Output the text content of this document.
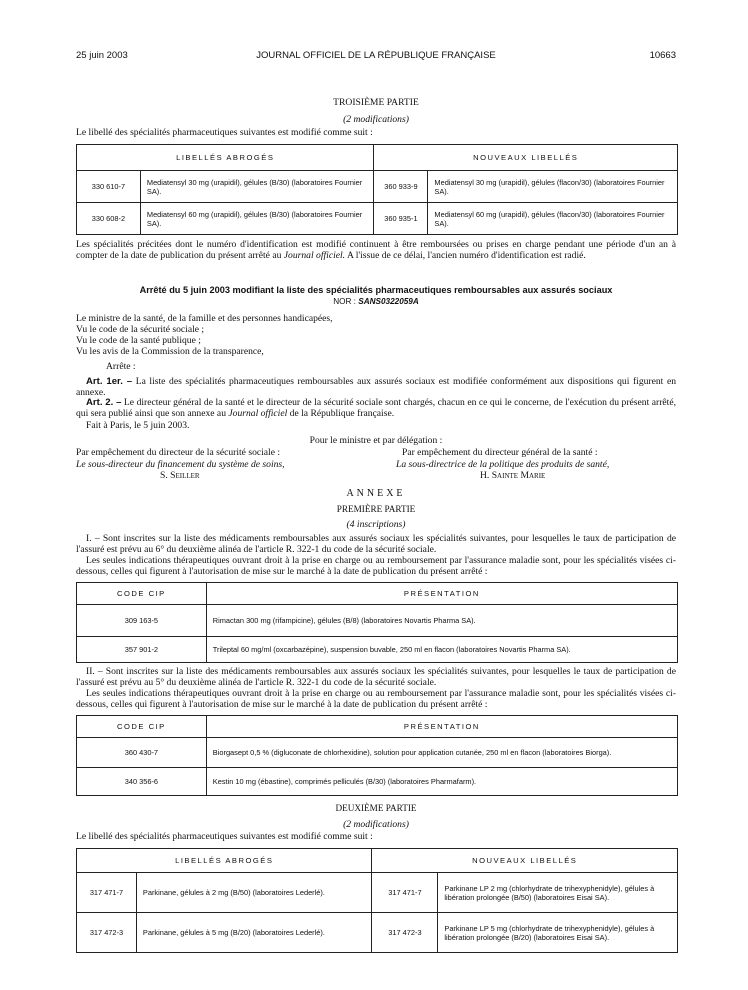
25 juin 2003	JOURNAL OFFICIEL DE LA RÉPUBLIQUE FRANÇAISE	10663
TROISIÈME PARTIE
(2 modifications)
Le libellé des spécialités pharmaceutiques suivantes est modifié comme suit :
LIBELLÉS ABROGÉS		NOUVEAUX LIBELLÉS	
330 610-7	Mediatensyl 30 mg (urapidil), gélules (B/30) (laboratoires Fournier SA).	360 933-9	Mediatensyl 30 mg (urapidil), gélules (flacon/30) (laboratoires Fournier SA).
330 608-2	Mediatensyl 60 mg (urapidil), gélules (B/30) (laboratoires Fournier SA).	360 935-1	Mediatensyl 60 mg (urapidil), gélules (flacon/30) (laboratoires Fournier SA).
Les spécialités précitées dont le numéro d'identification est modifié continuent à être remboursées ou prises en charge pendant une période d'un an à compter de la date de publication du présent arrêté au Journal officiel. A l'issue de ce délai, l'ancien numéro d'identification est radié.
Arrêté du 5 juin 2003 modifiant la liste des spécialités pharmaceutiques remboursables aux assurés sociaux
NOR : SANS0322059A
Le ministre de la santé, de la famille et des personnes handicapées,
Vu le code de la sécurité sociale ;
Vu le code de la santé publique ;
Vu les avis de la Commission de la transparence,
Arrête :
Art. 1er. – La liste des spécialités pharmaceutiques remboursables aux assurés sociaux est modifiée conformément aux dispositions qui figurent en annexe.
Art. 2. – Le directeur général de la santé et le directeur de la sécurité sociale sont chargés, chacun en ce qui le concerne, de l'exécution du présent arrêté, qui sera publié ainsi que son annexe au Journal officiel de la République française.
Fait à Paris, le 5 juin 2003.
Pour le ministre et par délégation :
Par empêchement du directeur de la sécurité sociale :
Le sous-directeur du financement du système de soins,
S. Seiller
Par empêchement du directeur général de la santé :
La sous-directrice de la politique des produits de santé,
H. Sainte Marie
ANNEXE
PREMIÈRE PARTIE
(4 inscriptions)
I. – Sont inscrites sur la liste des médicaments remboursables aux assurés sociaux les spécialités suivantes, pour lesquelles le taux de participation de l'assuré est prévu au 6° du deuxième alinéa de l'article R. 322-1 du code de la sécurité sociale.
Les seules indications thérapeutiques ouvrant droit à la prise en charge ou au remboursement par l'assurance maladie sont, pour les spécialités visées ci-dessous, celles qui figurent à l'autorisation de mise sur le marché à la date de publication du présent arrêté :
CODE CIP	PRÉSENTATION
309 163-5	Rimactan 300 mg (rifampicine), gélules (B/8) (laboratoires Novartis Pharma SA).
357 901-2	Trileptal 60 mg/ml (oxcarbazépine), suspension buvable, 250 ml en flacon (laboratoires Novartis Pharma SA).
II. – Sont inscrites sur la liste des médicaments remboursables aux assurés sociaux les spécialités suivantes, pour lesquelles le taux de participation de l'assuré est prévu au 5° du deuxième alinéa de l'article R. 322-1 du code de la sécurité sociale.
Les seules indications thérapeutiques ouvrant droit à la prise en charge ou au remboursement par l'assurance maladie sont, pour les spécialités visées ci-dessous, celles qui figurent à l'autorisation de mise sur le marché à la date de publication du présent arrêté :
CODE CIP	PRÉSENTATION
360 430-7	Biorgasept 0,5 % (digluconate de chlorhexidine), solution pour application cutanée, 250 ml en flacon (laboratoires Biorga).
340 356-6	Kestin 10 mg (ébastine), comprimés pelliculés (B/30) (laboratoires Pharmafarm).
DEUXIÈME PARTIE
(2 modifications)
Le libellé des spécialités pharmaceutiques suivantes est modifié comme suit :
LIBELLÉS ABROGÉS		NOUVEAUX LIBELLÉS	
317 471-7	Parkinane, gélules à 2 mg (B/50) (laboratoires Lederlé).	317 471-7	Parkinane LP 2 mg (chlorhydrate de trihexyphenidyle), gélules à libération prolongée (B/50) (laboratoires Eisai SA).
317 472-3	Parkinane, gélules à 5 mg (B/20) (laboratoires Lederlé).	317 472-3	Parkinane LP 5 mg (chlorhydrate de trihexyphenidyle), gélules à libération prolongée (B/20) (laboratoires Eisai SA).
